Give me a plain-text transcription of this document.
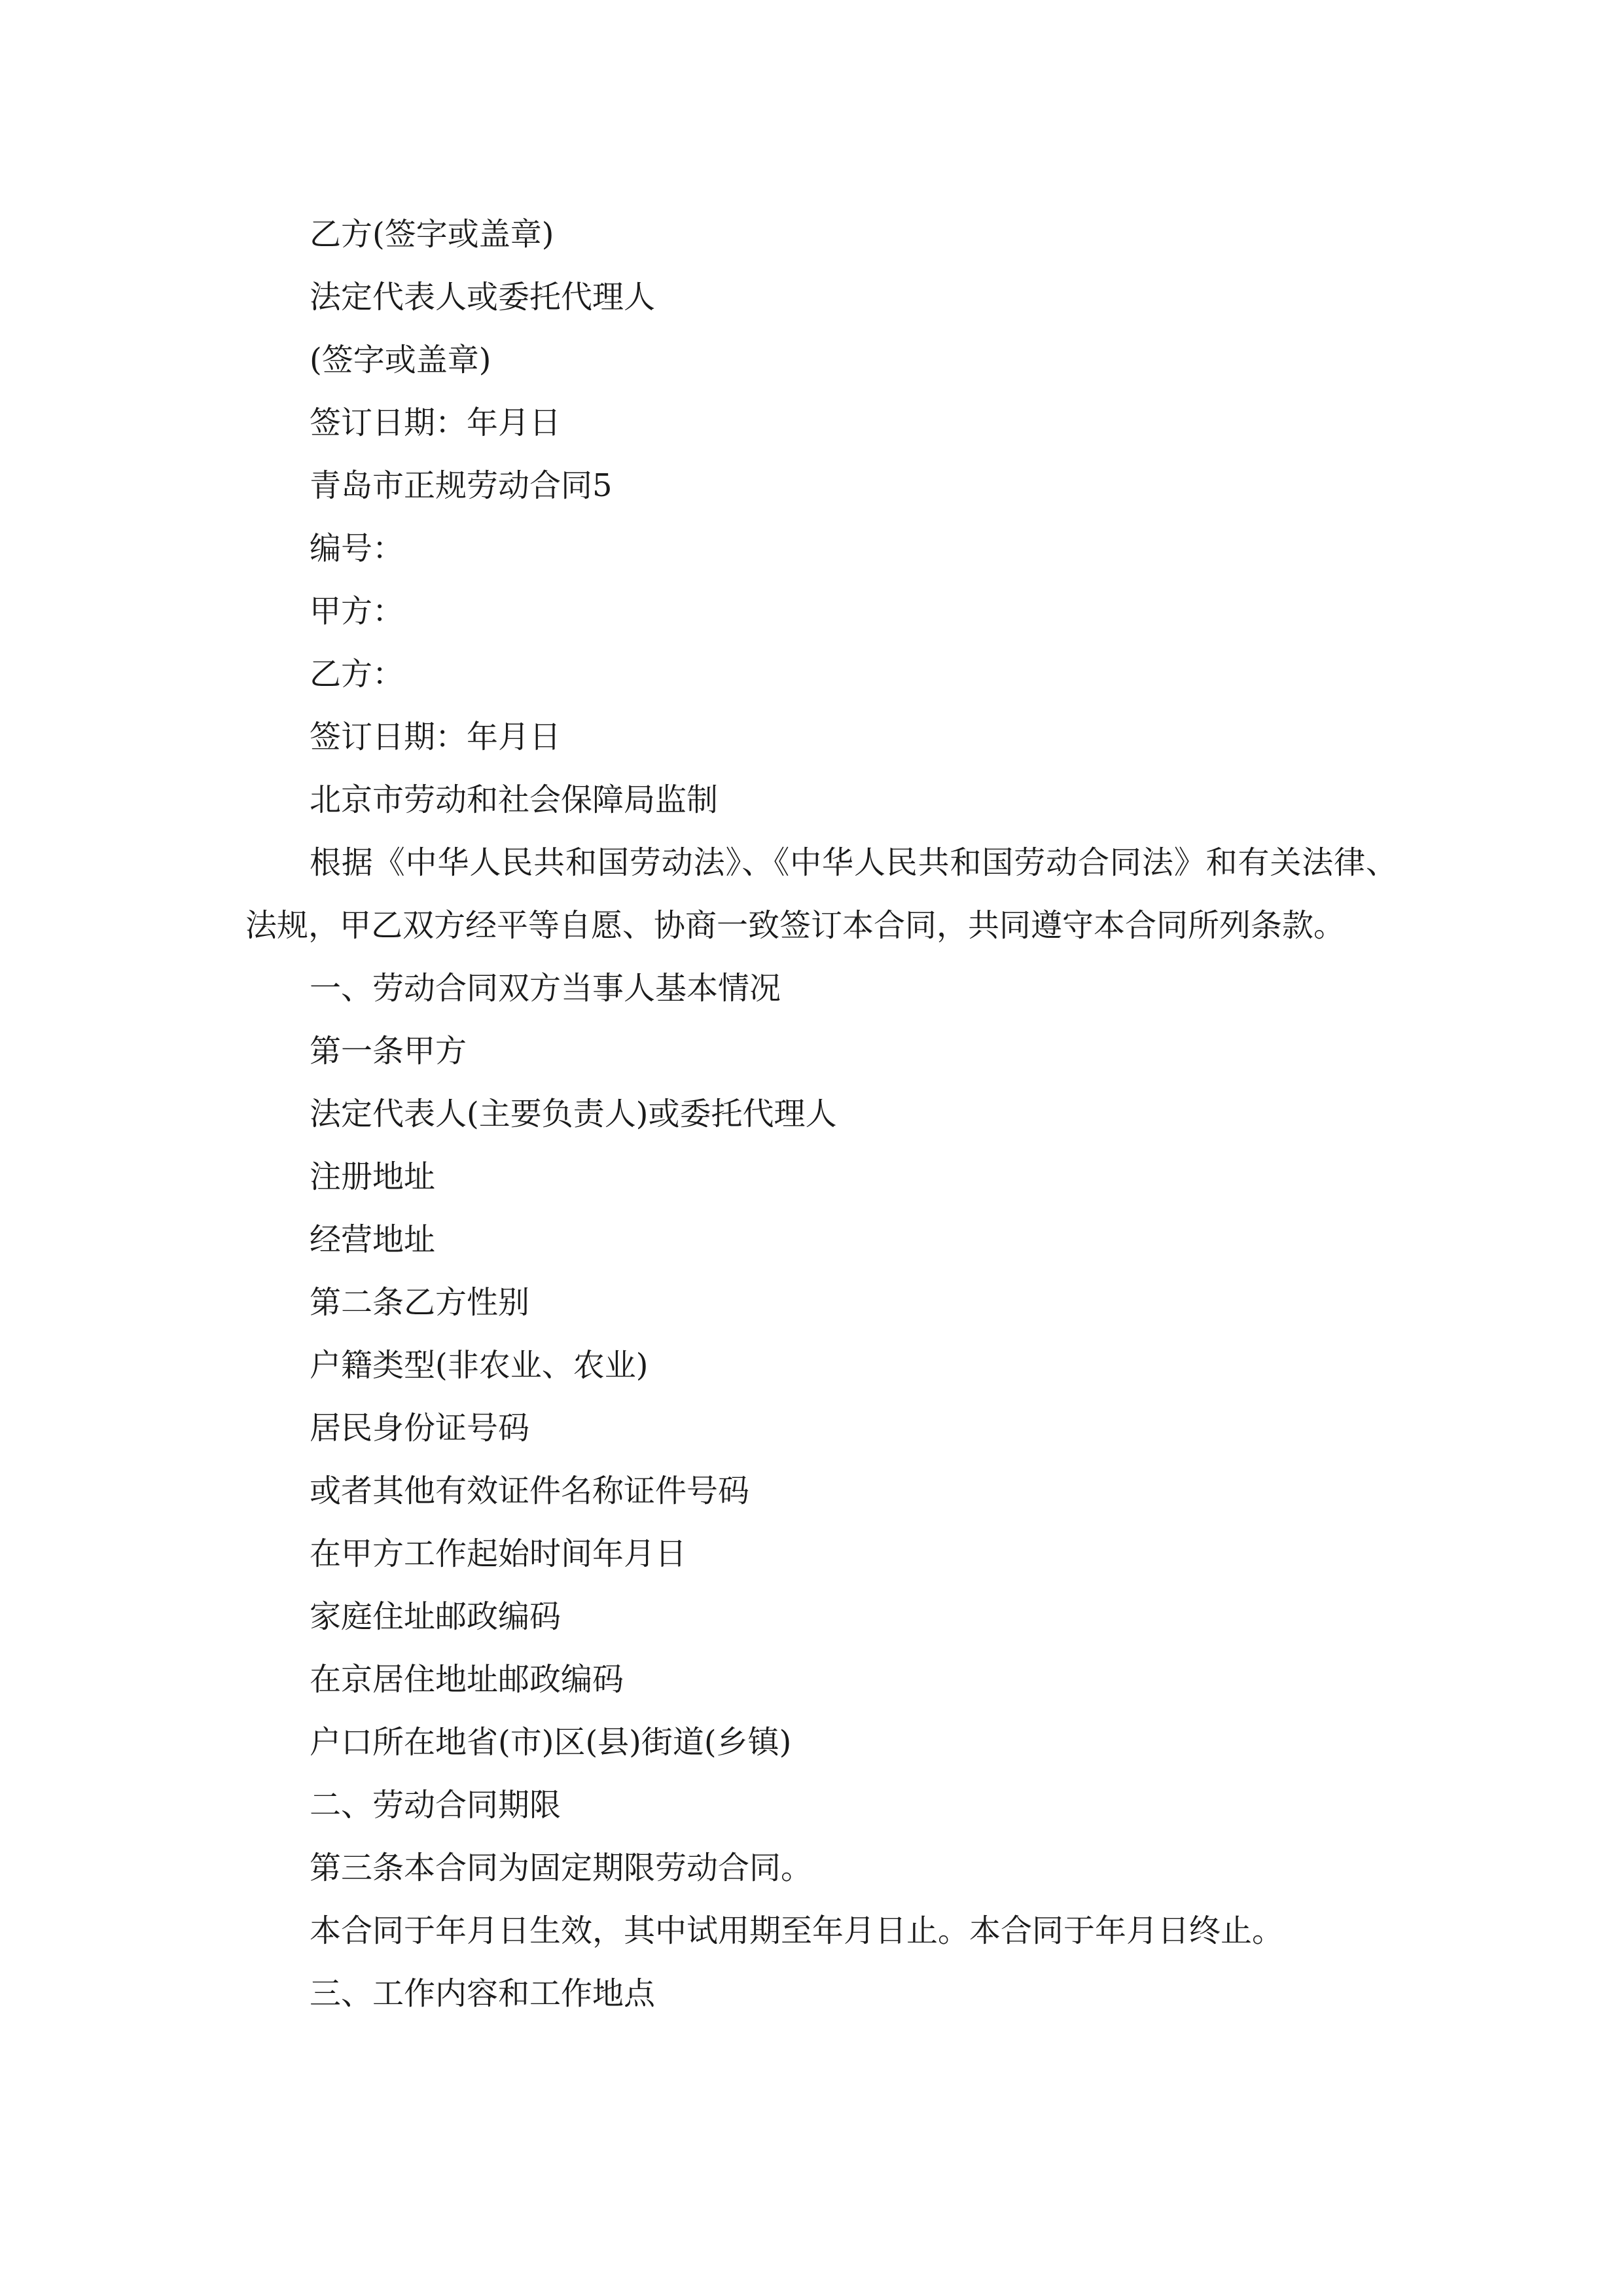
乙方(签字或盖章)

法定代表人或委托代理人

(签字或盖章)

签订日期：年月日

青岛市正规劳动合同5

编号：

甲方：

乙方：

签订日期：年月日

北京市劳动和社会保障局监制

根据《中华人民共和国劳动法》、《中华人民共和国劳动合同法》和有关法律、法规，甲乙双方经平等自愿、协商一致签订本合同，共同遵守本合同所列条款。

一、劳动合同双方当事人基本情况

第一条甲方

法定代表人(主要负责人)或委托代理人

注册地址

经营地址

第二条乙方性别

户籍类型(非农业、农业)

居民身份证号码

或者其他有效证件名称证件号码

在甲方工作起始时间年月日

家庭住址邮政编码

在京居住地址邮政编码

户口所在地省(市)区(县)街道(乡镇)

二、劳动合同期限

第三条本合同为固定期限劳动合同。

本合同于年月日生效，其中试用期至年月日止。本合同于年月日终止。

三、工作内容和工作地点
